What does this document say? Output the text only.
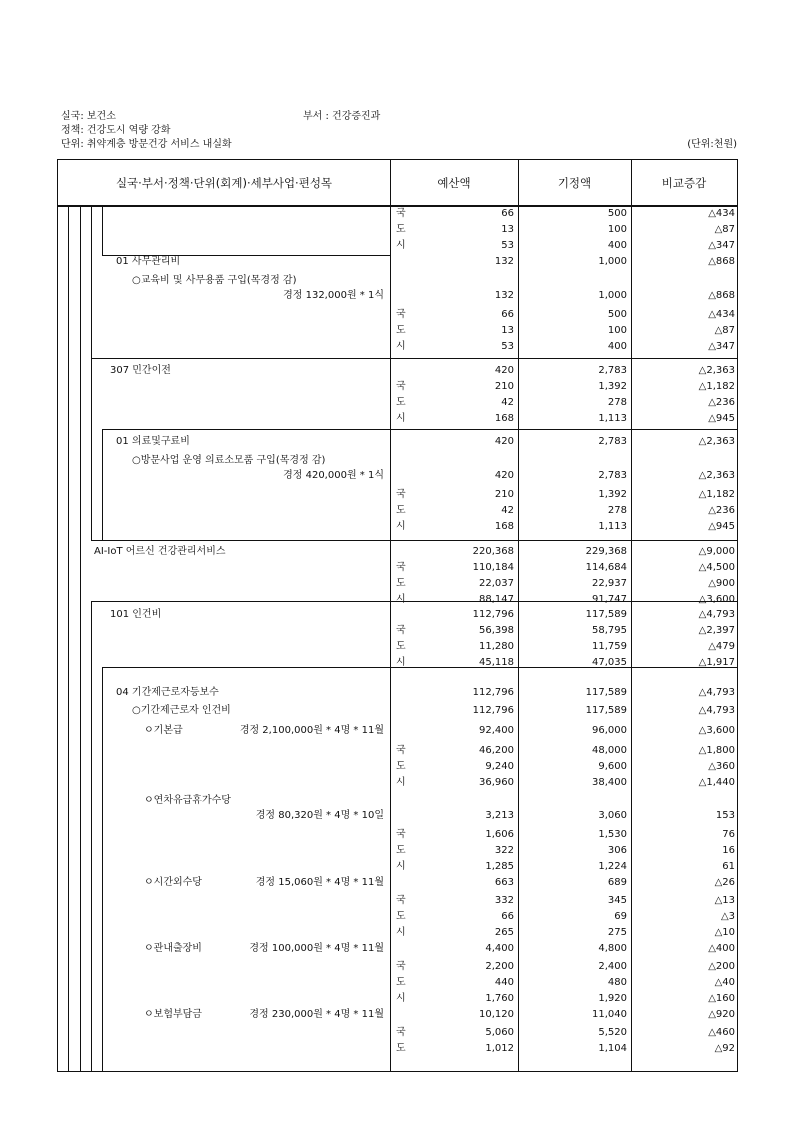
실국: 보건소	부서 : 건강증진과
정책: 건강도시 역량 강화
단위: 취약계층 방문건강 서비스 내실화	(단위:천원)
실국·부서·정책·단위(회계)·세부사업·편성목	예산액	기정액	비교증감
국	66	500	△434
도	13	100	△87
시	53	400	△347
01 사무관리비	132	1,000	△868
○교육비 및 사무용품 구입(목경정 감)
경정 132,000원 * 1식	132	1,000	△868
국	66	500	△434
도	13	100	△87
시	53	400	△347
307 민간이전	420	2,783	△2,363
국	210	1,392	△1,182
도	42	278	△236
시	168	1,113	△945
01 의료및구료비	420	2,783	△2,363
○방문사업 운영 의료소모품 구입(목경정 감)
경정 420,000원 * 1식	420	2,783	△2,363
국	210	1,392	△1,182
도	42	278	△236
시	168	1,113	△945
AI-IoT 어르신 건강관리서비스	220,368	229,368	△9,000
국	110,184	114,684	△4,500
도	22,037	22,937	△900
시	88,147	91,747	△3,600
101 인건비	112,796	117,589	△4,793
국	56,398	58,795	△2,397
도	11,280	11,759	△479
시	45,118	47,035	△1,917
04 기간제근로자등보수	112,796	117,589	△4,793
○기간제근로자 인건비	112,796	117,589	△4,793
ㅇ기본급	경정 2,100,000원 * 4명 * 11월	92,400	96,000	△3,600
국	46,200	48,000	△1,800
도	9,240	9,600	△360
시	36,960	38,400	△1,440
ㅇ연차유급휴가수당
경정 80,320원 * 4명 * 10일	3,213	3,060	153
국	1,606	1,530	76
도	322	306	16
시	1,285	1,224	61
ㅇ시간외수당	경정 15,060원 * 4명 * 11월	663	689	△26
국	332	345	△13
도	66	69	△3
시	265	275	△10
ㅇ관내출장비	경정 100,000원 * 4명 * 11월	4,400	4,800	△400
국	2,200	2,400	△200
도	440	480	△40
시	1,760	1,920	△160
ㅇ보험부담금	경정 230,000원 * 4명 * 11월	10,120	11,040	△920
국	5,060	5,520	△460
도	1,012	1,104	△92
